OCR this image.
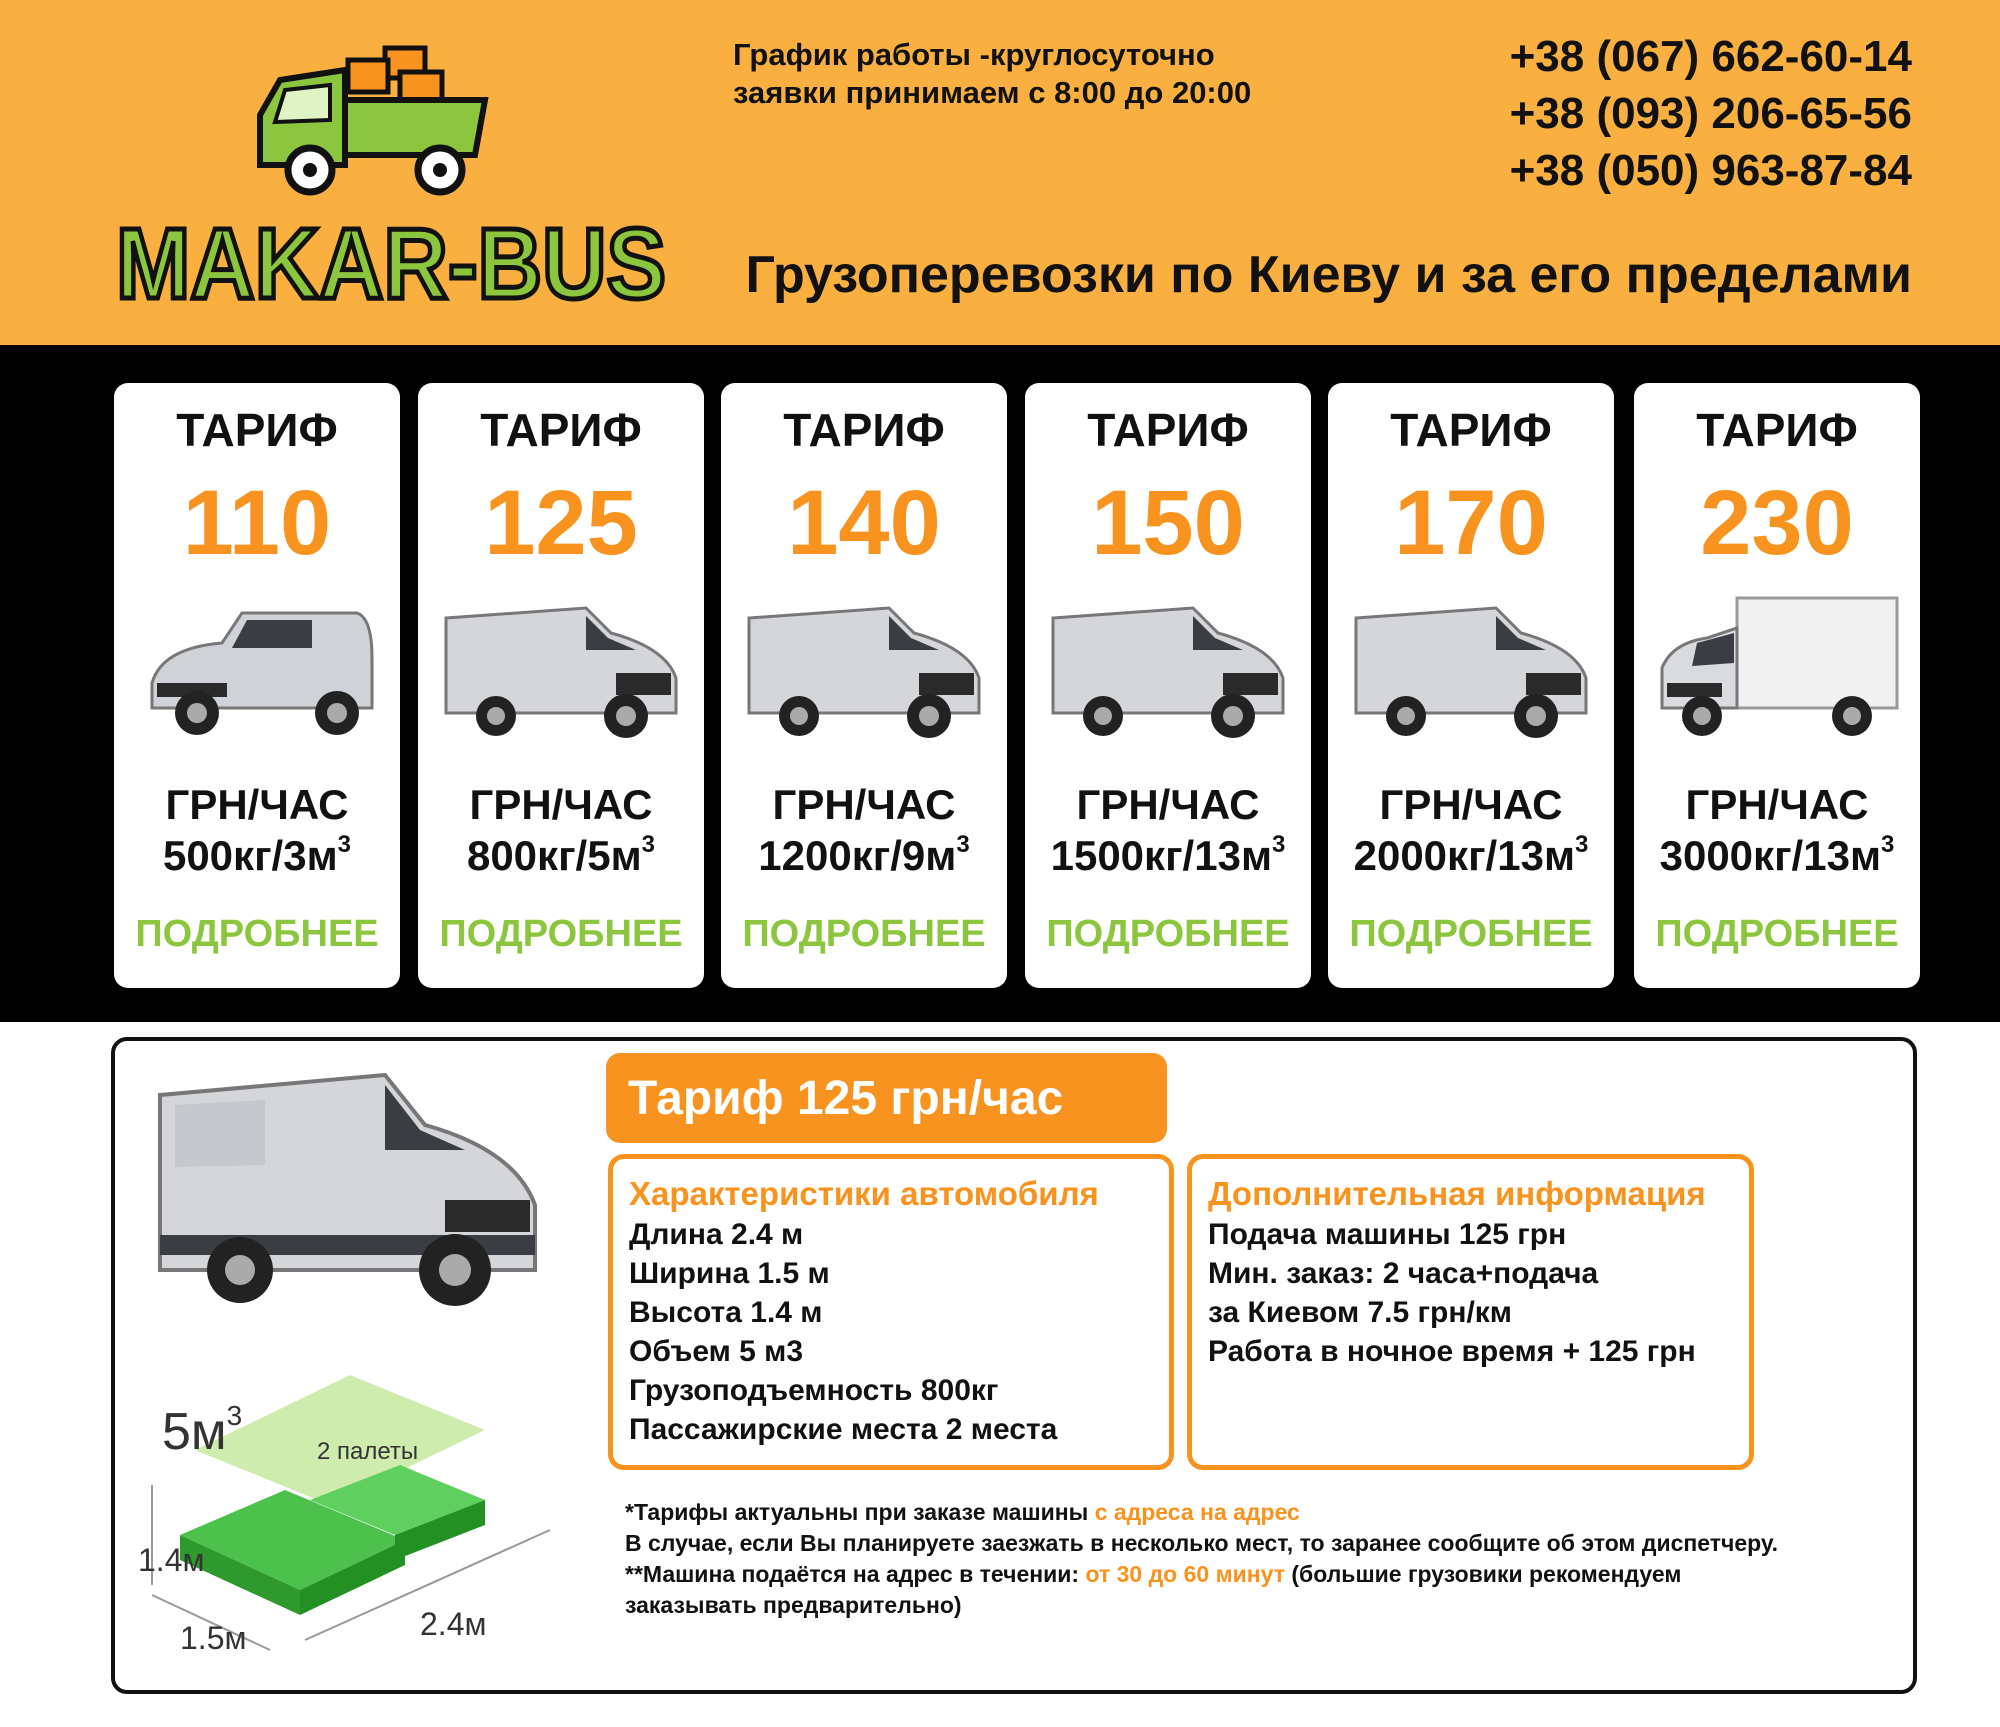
MAKAR-BUS
График работы -круглосуточно
заявки принимаем с 8:00 до 20:00
+38 (067) 662-60-14
+38 (093) 206-65-56
+38 (050) 963-87-84
Грузоперевозки по Киеву и за его пределами
ТАРИФ
110
ГРН/ЧАС
$500кг/3м^3$
ПОДРОБНЕЕ
ТАРИФ
125
ГРН/ЧАС
$800кг/5м^3$
ПОДРОБНЕЕ
ТАРИФ
140
ГРН/ЧАС
$1200кг/9м^3$
ПОДРОБНЕЕ
ТАРИФ
150
ГРН/ЧАС
$1500кг/13м^3$
ПОДРОБНЕЕ
ТАРИФ
170
ГРН/ЧАС
$2000кг/13м^3$
ПОДРОБНЕЕ
ТАРИФ
230
ГРН/ЧАС
$3000кг/13м^3$
ПОДРОБНЕЕ
$5м^3$
2 палеты
1.4м
1.5м	2.4м
Тариф 125 грн/час
Характеристики автомобиля
Длина 2.4 м
Ширина 1.5 м
Высота 1.4 м
Объем 5 м3
Грузоподъемность 800кг
Пассажирские места 2 места
Дополнительная информация
Подача машины 125 грн
Мин. заказ: 2 часа+подача
за Киевом 7.5 грн/км
Работа в ночное время + 125 грн
*Тарифы актуальны при заказе машины с адреса на адрес
В случае, если Вы планируете заезжать в несколько мест, то заранее сообщите об этом диспетчеру.
**Машина подаётся на адрес в течении: от 30 до 60 минут (большие грузовики рекомендуем заказывать предварительно)
